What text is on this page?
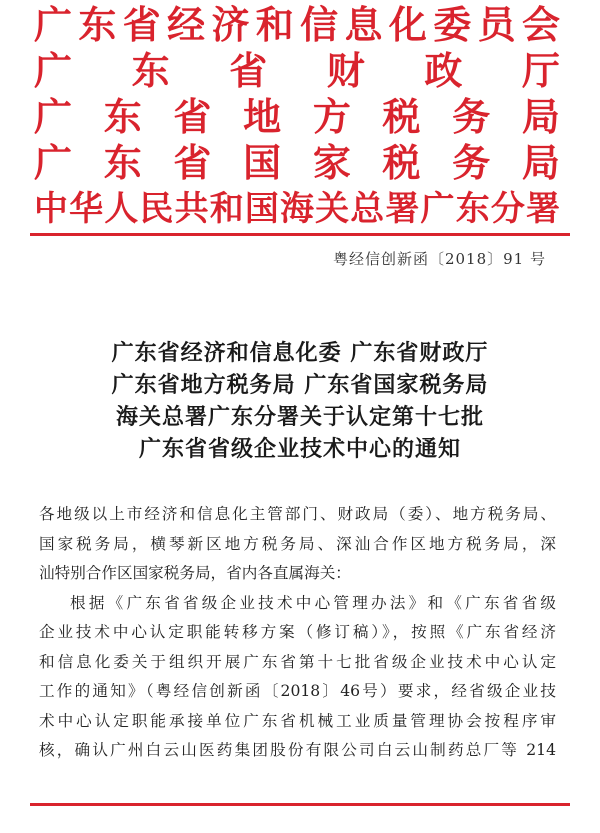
广 东 省 经 济 和 信 息 化 委 员 会
广 东 省 财 政 厅
广 东 省 地 方 税 务 局
广 东 省 国 家 税 务 局
中 华 人 民 共 和 国 海 关 总 署 广 东 分 署
粤经信创新函〔2018〕91 号
广东省经济和信息化委 广东省财政厅
广东省地方税务局 广东省国家税务局
海关总署广东分署关于认定第十七批
广东省省级企业技术中心的通知
各地级以上市经济和信息化主管部门、财政局（委）、地方税务局、
国家税务局，横琴新区地方税务局、深汕合作区地方税务局，深
汕特别合作区国家税务局，省内各直属海关：
根据《广东省省级企业技术中心管理办法》和《广东省省级
企业技术中心认定职能转移方案（修订稿）》，按照《广东省经济
和信息化委关于组织开展广东省第十七批省级企业技术中心认定
工作的通知》（粤经信创新函〔2018〕46号）要求，经省级企业技
术中心认定职能承接单位广东省机械工业质量管理协会按程序审
核，确认广州白云山医药集团股份有限公司白云山制药总厂等 214
